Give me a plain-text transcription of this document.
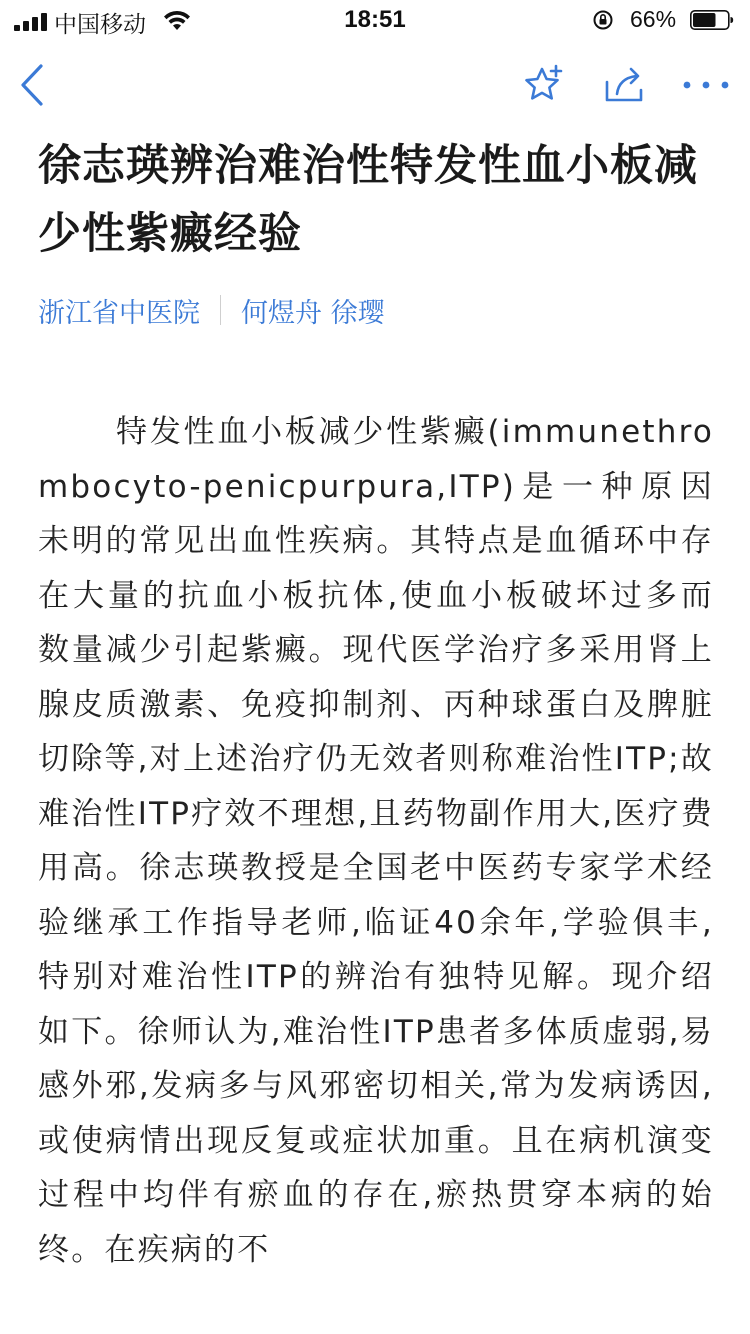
中国移动	18:51	66%
徐志瑛辨治难治性特发性血小板减少性紫癜经验
浙江省中医院 何煜舟 徐璎

特发性血小板减少性紫癜(immunethrombocyto-penicpurpura,ITP)是一种原因未明的常见出血性疾病。其特点是血循环中存在大量的抗血小板抗体,使血小板破坏过多而数量减少引起紫癜。现代医学治疗多采用肾上腺皮质激素、免疫抑制剂、丙种球蛋白及脾脏切除等,对上述治疗仍无效者则称难治性ITP;故难治性ITP疗效不理想,且药物副作用大,医疗费用高。徐志瑛教授是全国老中医药专家学术经验继承工作指导老师,临证40余年,学验俱丰,特别对难治性ITP的辨治有独特见解。现介绍如下。徐师认为,难治性ITP患者多体质虚弱,易感外邪,发病多与风邪密切相关,常为发病诱因,或使病情出现反复或症状加重。且在病机演变过程中均伴有瘀血的存在,瘀热贯穿本病的始终。在疾病的不
